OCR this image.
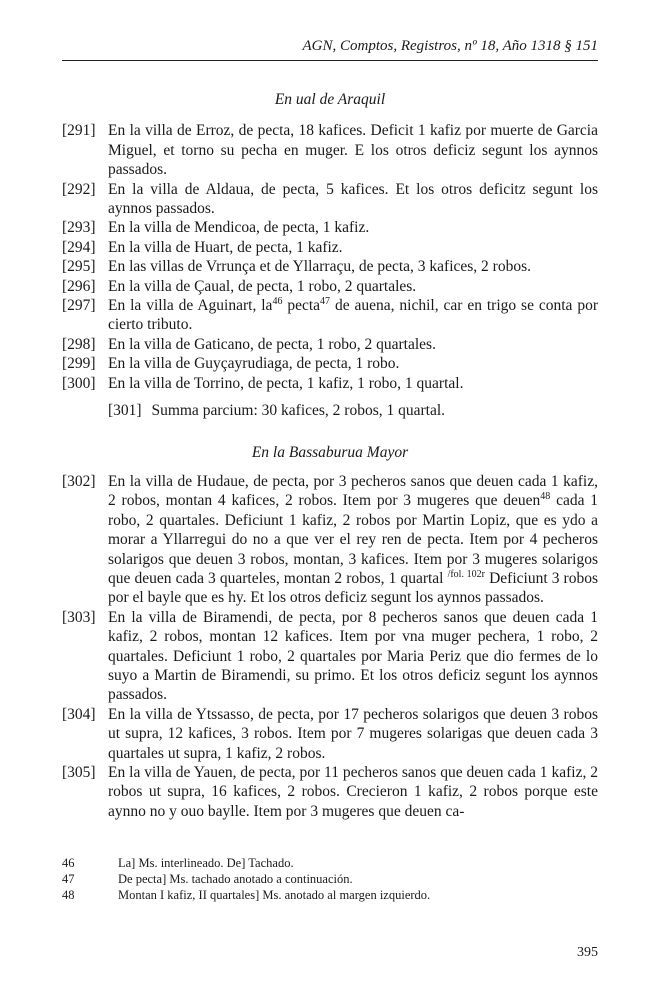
AGN, Comptos, Registros, nº 18, Año 1318 § 151
En ual de Araquil
[291] En la villa de Erroz, de pecta, 18 kafices. Deficit 1 kafiz por muerte de Garcia Miguel, et torno su pecha en muger. E los otros deficiz segunt los aynnos passados.
[292] En la villa de Aldaua, de pecta, 5 kafices. Et los otros deficitz segunt los aynnos passados.
[293] En la villa de Mendicoa, de pecta, 1 kafiz.
[294] En la villa de Huart, de pecta, 1 kafiz.
[295] En las villas de Vrrunça et de Yllarraçu, de pecta, 3 kafices, 2 robos.
[296] En la villa de Çaual, de pecta, 1 robo, 2 quartales.
[297] En la villa de Aguinart, $la^{46}$ pecta$^{47}$ de auena, nichil, car en trigo se conta por cierto tributo.
[298] En la villa de Gaticano, de pecta, 1 robo, 2 quartales.
[299] En la villa de Guyçayrudiaga, de pecta, 1 robo.
[300] En la villa de Torrino, de pecta, 1 kafiz, 1 robo, 1 quartal.
[301] Summa parcium: 30 kafices, 2 robos, 1 quartal.
En la Bassaburua Mayor
[302] En la villa de Hudaue, de pecta, por 3 pecheros sanos que deuen cada 1 kafiz, 2 robos, montan 4 kafices, 2 robos. Item por 3 mugeres que deuen$^{48}$ cada 1 robo, 2 quartales. Deficiunt 1 kafiz, 2 robos por Martin Lopiz, que es ydo a morar a Yllarregui do no a que ver el rey ren de pecta. Item por 4 pecheros solarigos que deuen 3 robos, montan, 3 kafices. Item por 3 mugeres solarigos que deuen cada 3 quarteles, montan 2 robos, 1 quartal $^{/fol. 102r}$ Deficiunt 3 robos por el bayle que es hy. Et los otros deficiz segunt los aynnos passados.
[303] En la villa de Biramendi, de pecta, por 8 pecheros sanos que deuen cada 1 kafiz, 2 robos, montan 12 kafices. Item por vna muger pechera, 1 robo, 2 quartales. Deficiunt 1 robo, 2 quartales por Maria Periz que dio fermes de lo suyo a Martin de Biramendi, su primo. Et los otros deficiz segunt los aynnos passados.
[304] En la villa de Ytssasso, de pecta, por 17 pecheros solarigos que deuen 3 robos ut supra, 12 kafices, 3 robos. Item por 7 mugeres solarigas que deuen cada 3 quartales ut supra, 1 kafiz, 2 robos.
[305] En la villa de Yauen, de pecta, por 11 pecheros sanos que deuen cada 1 kafiz, 2 robos ut supra, 16 kafices, 2 robos. Crecieron 1 kafiz, 2 robos porque este aynno no y ouo baylle. Item por 3 mugeres que deuen ca-
46	La] Ms. interlineado. De] Tachado.
47	De pecta] Ms. tachado anotado a continuación.
48	Montan I kafiz, II quartales] Ms. anotado al margen izquierdo.
395
